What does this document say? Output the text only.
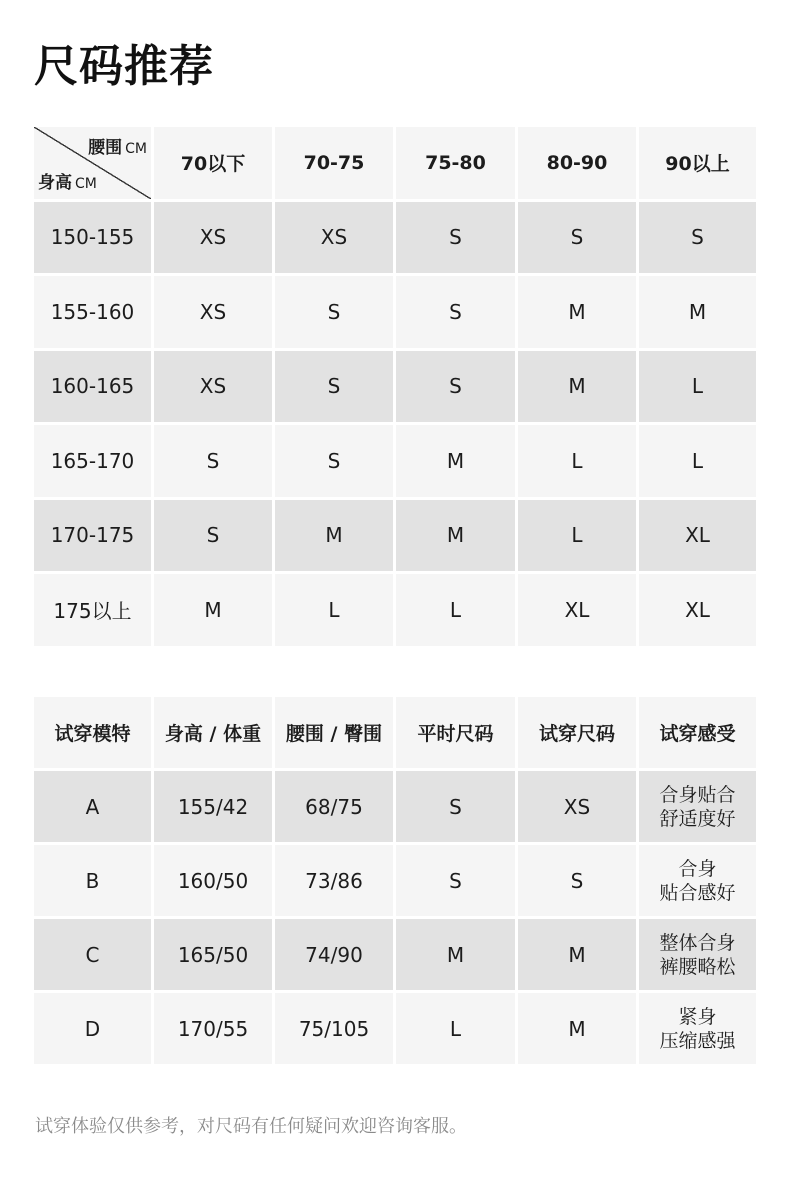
尺码推荐
腰围 CM
身高 CM	70以下	70-75	75-80	80-90	90以上
150-155	XS	XS	S	S	S
155-160	XS	S	S	M	M
160-165	XS	S	S	M	L
165-170	S	S	M	L	L
170-175	S	M	M	L	XL
175以上	M	L	L	XL	XL
试穿模特	身高 / 体重	腰围 / 臀围	平时尺码	试穿尺码	试穿感受
A	155/42	68/75	S	XS	合身贴合
舒适度好

B	160/50	73/86	S	S	合身
贴合感好

C	165/50	74/90	M	M	整体合身
裤腰略松

D	170/55	75/105	L	M	紧身
压缩感强

试穿体验仅供参考，对尺码有任何疑问欢迎咨询客服。
